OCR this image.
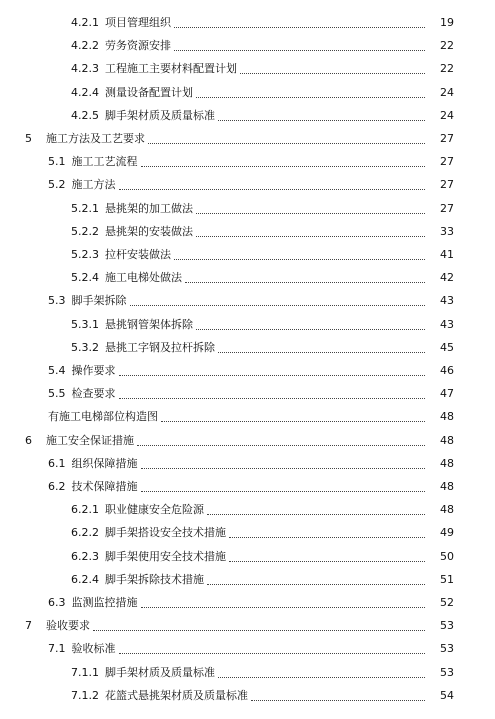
4.2.1 项目管理组织	19
4.2.2 劳务资源安排	22
4.2.3 工程施工主要材料配置计划	22
4.2.4 测量设备配置计划	24
4.2.5 脚手架材质及质量标准	24
5 施工方法及工艺要求	27
5.1 施工工艺流程	27
5.2 施工方法	27
5.2.1 悬挑架的加工做法	27
5.2.2 悬挑架的安装做法	33
5.2.3 拉杆安装做法	41
5.2.4 施工电梯处做法	42
5.3 脚手架拆除	43
5.3.1 悬挑钢管架体拆除	43
5.3.2 悬挑工字钢及拉杆拆除	45
5.4 操作要求	46
5.5 检查要求	47
有施工电梯部位构造图	48
6 施工安全保证措施	48
6.1 组织保障措施	48
6.2 技术保障措施	48
6.2.1 职业健康安全危险源	48
6.2.2 脚手架搭设安全技术措施	49
6.2.3 脚手架使用安全技术措施	50
6.2.4 脚手架拆除技术措施	51
6.3 监测监控措施	52
7 验收要求	53
7.1 验收标准	53
7.1.1 脚手架材质及质量标准	53
7.1.2 花篮式悬挑架材质及质量标准	54
